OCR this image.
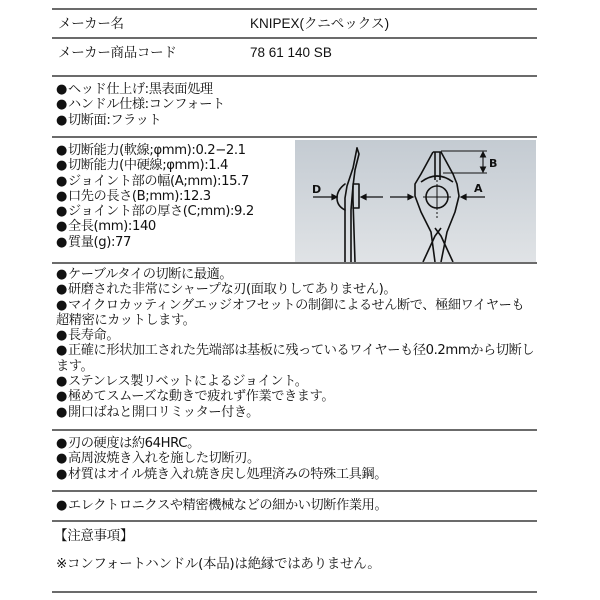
メーカー名	KNIPEX(クニペックス)
メーカー商品コード	78 61 140 SB
●ヘッド仕上げ:黒表面処理
●ハンドル仕様:コンフォート
●切断面:フラット
●切断能力(軟線;φmm):0.2−2.1
●切断能力(中硬線;φmm):1.4
●ジョイント部の幅(A;mm):15.7
●口先の長さ(B;mm):12.3
●ジョイント部の厚さ(C;mm):9.2
●全長(mm):140
●質量(g):77
D	A
B
●ケーブルタイの切断に最適。
●研磨された非常にシャープな刃(面取りしてありません)。
●マイクロカッティングエッジオフセットの制御によるせん断で、極細ワイヤーも超精密にカットします。
●長寿命。
●正確に形状加工された先端部は基板に残っているワイヤーも径0.2mmから切断します。
●ステンレス製リベットによるジョイント。
●極めてスムーズな動きで疲れず作業できます。
●開口ばねと開口リミッター付き。
●刃の硬度は約64HRC。
●高周波焼き入れを施した切断刃。
●材質はオイル焼き入れ焼き戻し処理済みの特殊工具鋼。
●エレクトロニクスや精密機械などの細かい切断作業用。
【注意事項】
※コンフォートハンドル(本品)は絶縁ではありません。
